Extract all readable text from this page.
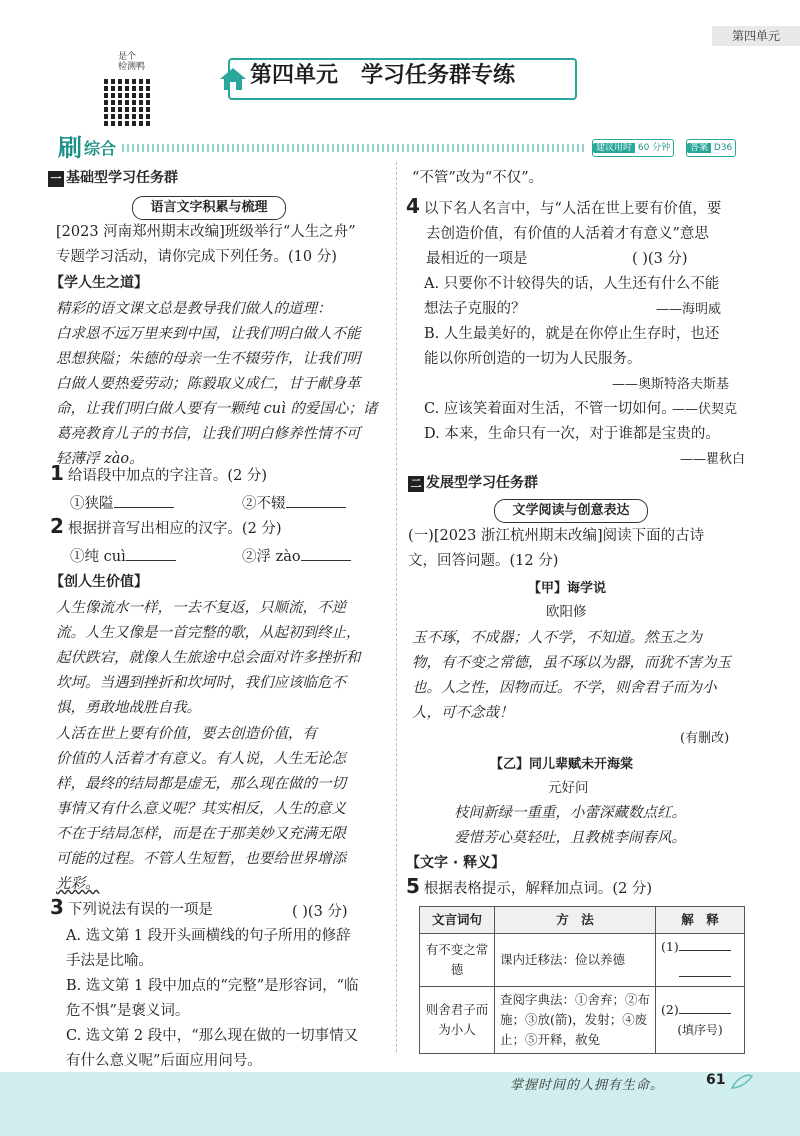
第四单元
是个
检测鸭	第四单元   学习任务群专练
刷 综合	建议用时 60 分钟	答案 D36
一 基础型学习任务群
语言文字积累与梳理
[2023 河南郑州期末改编]班级举行“人生之舟”
专题学习活动，请你完成下列任务。(10 分)
【学人生之道】
精彩的语文课文总是教导我们做人的道理：
白求恩不远万里来到中国，让我们明白做人不能
思想狭隘；朱德的母亲一生不辍劳作，让我们明
白做人要热爱劳动；陈毅取义成仁，甘于献身革
命，让我们明白做人要有一颗纯 cuì 的爱国心；诸
葛亮教育儿子的书信，让我们明白修养性情不可
轻薄浮 zào。
1 给语段中加点的字注音。(2 分)
①狭隘	②不辍
2 根据拼音写出相应的汉字。(2 分)
①纯 cuì	②浮 zào
【创人生价值】
人生像流水一样，一去不复返，只顺流，不逆
流。人生又像是一首完整的歌，从起初到终止，
起伏跌宕，就像人生旅途中总会面对许多挫折和
坎坷。当遇到挫折和坎坷时，我们应该临危不
惧，勇敢地战胜自我。
人活在世上要有价值，要去创造价值，有
价值的人活着才有意义。有人说，人生无论怎
样，最终的结局都是虚无，那么现在做的一切
事情又有什么意义呢？其实相反，人生的意义
不在于结局怎样，而是在于那美妙又充满无限
可能的过程。不管人生短暂，也要给世界增添
光彩。
3 下列说法有误的一项是	( )(3 分)
A. 选文第 1 段开头画横线的句子所用的修辞
手法是比喻。
B. 选文第 1 段中加点的“完整”是形容词，“临
危不惧”是褒义词。
C. 选文第 2 段中，“那么现在做的一切事情又
有什么意义呢”后面应用问号。
“不管”改为“不仅”。
4 以下名人名言中，与“人活在世上要有价值，要
去创造价值，有价值的人活着才有意义”意思
最相近的一项是	( )(3 分)
A. 只要你不计较得失的话，人生还有什么不能
想法子克服的？	——海明威
B. 人生最美好的，就是在你停止生存时，也还
能以你所创造的一切为人民服务。
——奥斯特洛夫斯基
C. 应该笑着面对生活，不管一切如何。
——伏契克
D. 本来，生命只有一次，对于谁都是宝贵的。
——瞿秋白
二 发展型学习任务群
文学阅读与创意表达
(一)[2023 浙江杭州期末改编]阅读下面的古诗
文，回答问题。(12 分)
【甲】诲学说
欧阳修
玉不琢，不成器；人不学，不知道。然玉之为
物，有不变之常德，虽不琢以为器，而犹不害为玉
也。人之性，因物而迁。不学，则舍君子而为小
人，可不念哉！
(有删改)
【乙】同儿辈赋未开海棠
元好问
枝间新绿一重重，小蕾深藏数点红。
爱惜芳心莫轻吐，且教桃李闹春风。
【文字 · 释义】
5 根据表格提示，解释加点词。(2 分)
文言词句	方　法	解　释
有不变之常德	课内迁移法：俭以养德	(1)

则舍君子而为小人	查阅字典法：①舍弃；②布施；③放(箭)，发射；④废止；⑤开释，赦免	(2)
(填序号)
掌握时间的人拥有生命。	61
